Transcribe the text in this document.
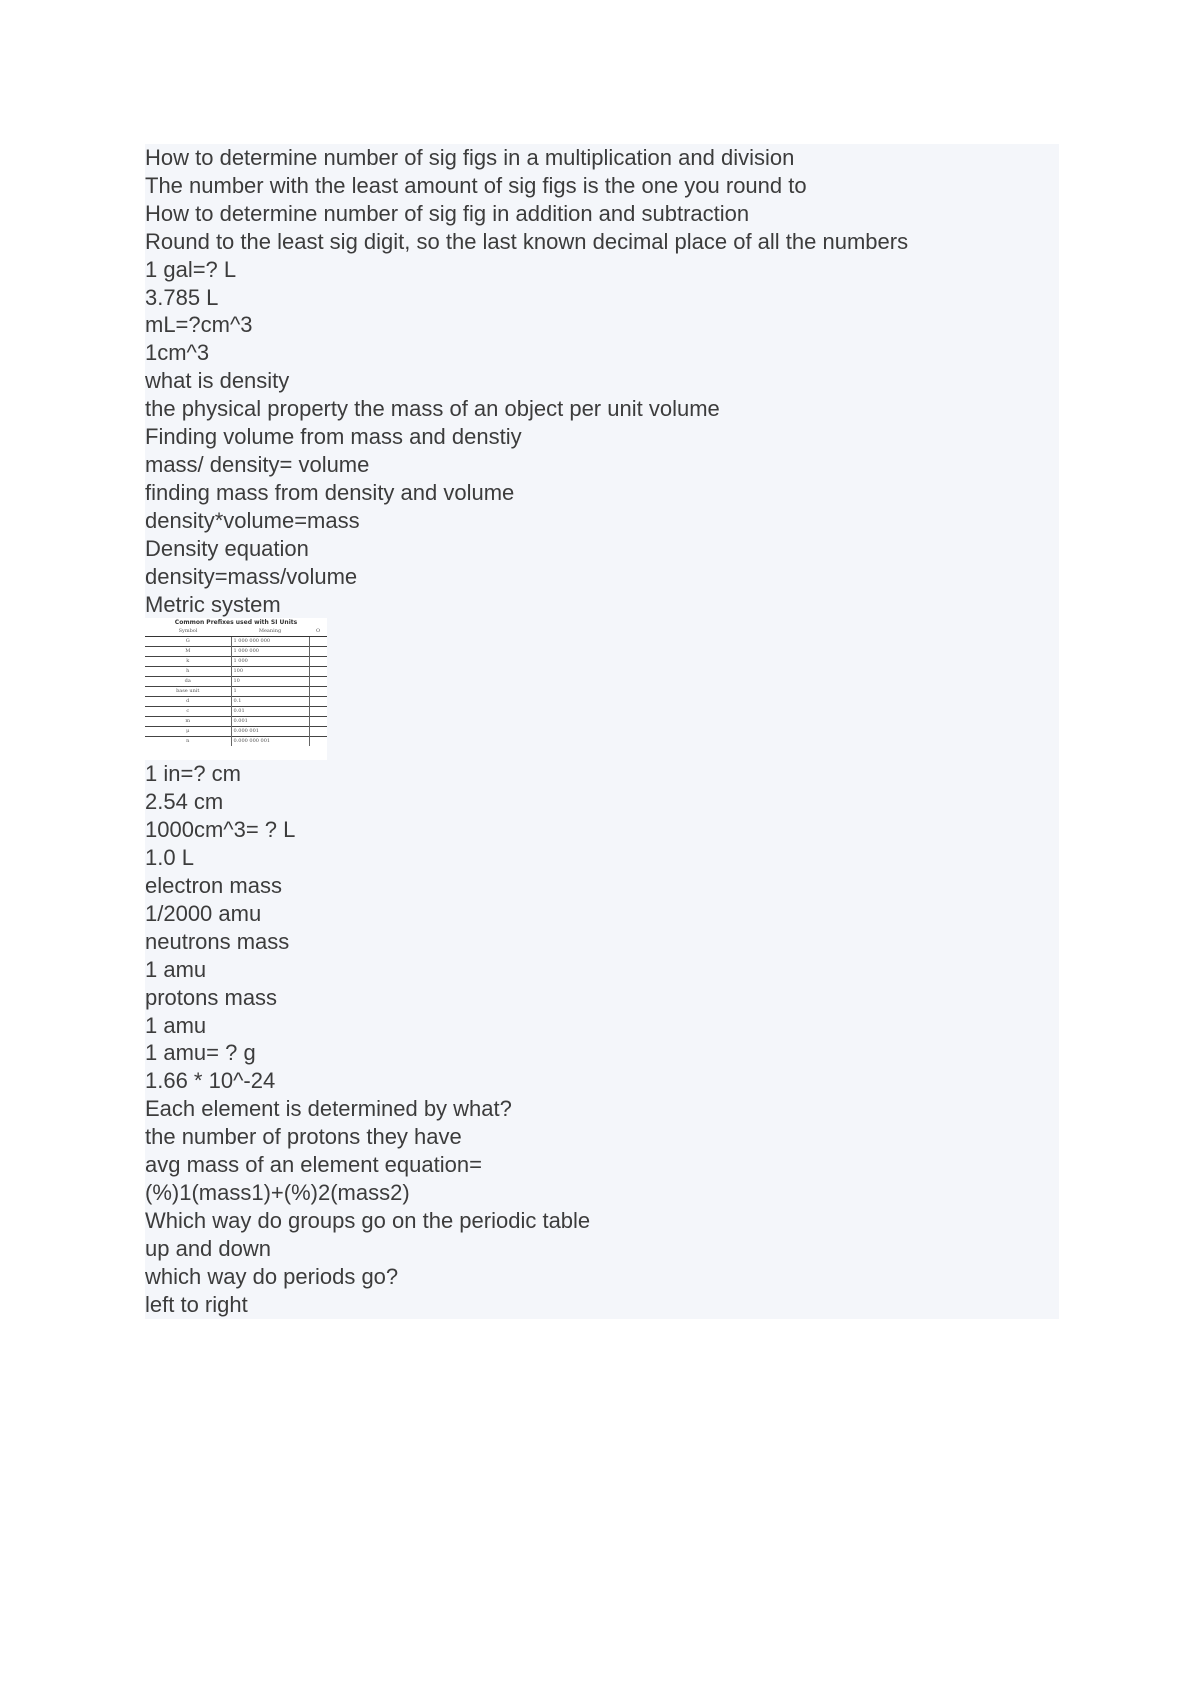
How to determine number of sig figs in a multiplication and division

The number with the least amount of sig figs is the one you round to

How to determine number of sig fig in addition and subtraction

Round to the least sig digit, so the last known decimal place of all the numbers

1 gal=? L

3.785 L

mL=?cm^3

1cm^3

what is density

the physical property the mass of an object per unit volume

Finding volume from mass and denstiy

mass/ density= volume

finding mass from density and volume

density*volume=mass

Density equation

density=mass/volume

Metric system

Common Prefixes used with SI Units
Symbol	Meaning	O
G	1 000 000 000	
M	1 000 000	
k	1 000	
h	100	
da	10	
base unit	1	
d	0.1	
c	0.01	
m	0.001	
μ	0.000 001	
n	0.000 000 001	

1 in=? cm

2.54 cm

1000cm^3= ? L

1.0 L

electron mass

1/2000 amu

neutrons mass

1 amu

protons mass

1 amu

1 amu= ? g

1.66 * 10^-24

Each element is determined by what?

the number of protons they have

avg mass of an element equation=

(%)1(mass1)+(%)2(mass2)

Which way do groups go on the periodic table

up and down

which way do periods go?

left to right
